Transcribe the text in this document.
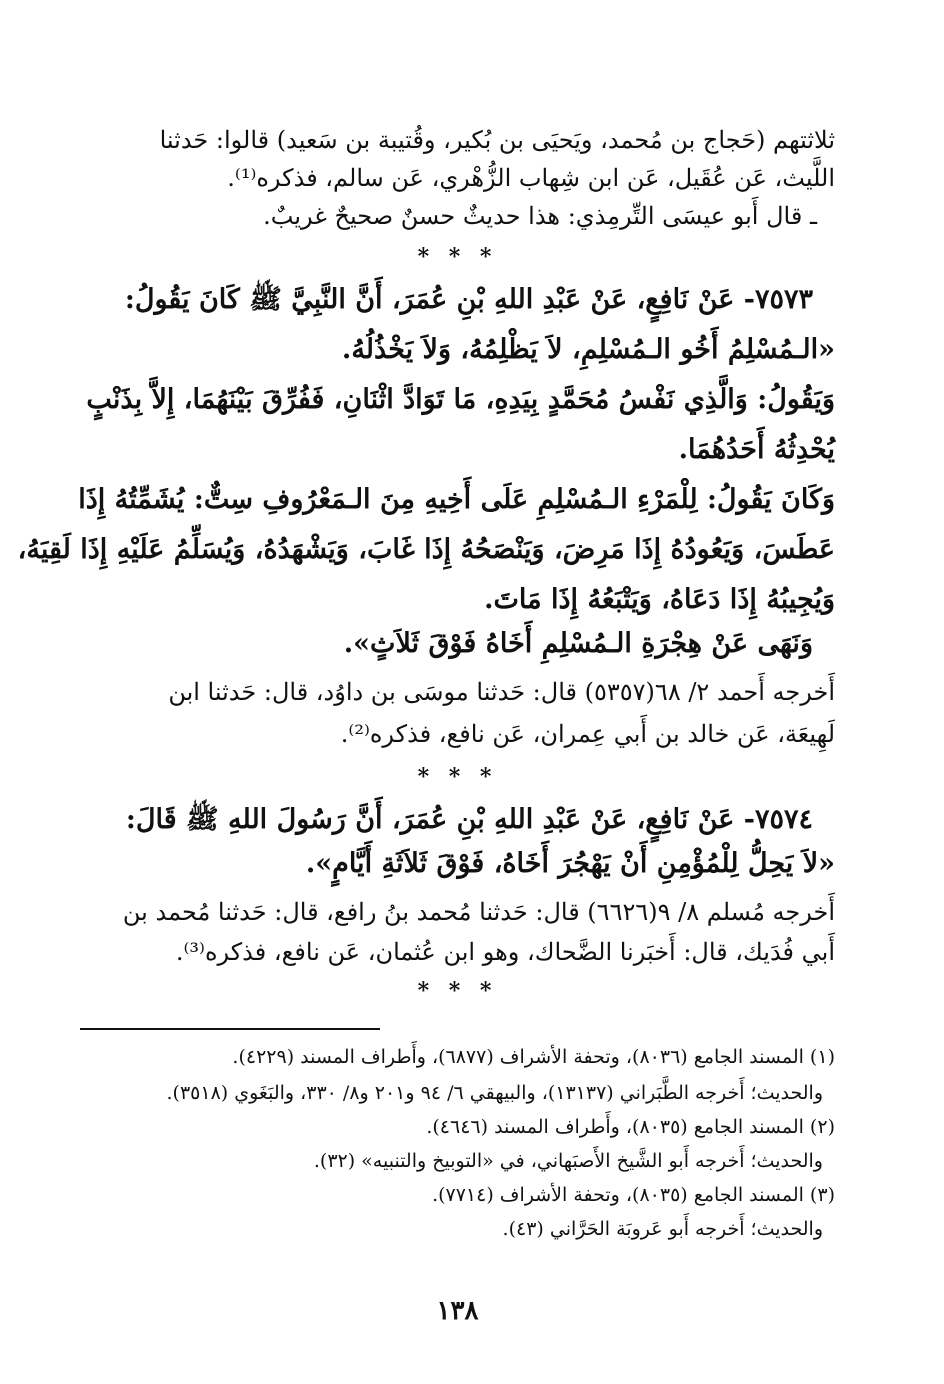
ثلاثتهم (حَجاج بن مُحمد، ويَحيَى بن بُكير، وقُتيبة بن سَعيد) قالوا: حَدثنا
اللَّيث، عَن عُقَيل، عَن ابن شِهاب الزُّهْري، عَن سالم، فذكره⁽¹⁾.
ـ قال أَبو عيسَى التِّرمِذي: هذا حديثٌ حسنٌ صحيحٌ غريبٌ.
* * *
٧٥٧٣- عَنْ نَافِعٍ، عَنْ عَبْدِ اللهِ بْنِ عُمَرَ، أَنَّ النَّبِيَّ ﷺ كَانَ يَقُولُ:
«الـمُسْلِمُ أَخُو الـمُسْلِمِ، لاَ يَظْلِمُهُ، وَلاَ يَخْذُلُهُ.
وَيَقُولُ: وَالَّذِي نَفْسُ مُحَمَّدٍ بِيَدِهِ، مَا تَوَادَّ اثْنَانِ، فَفُرِّقَ بَيْنَهُمَا، إِلاَّ بِذَنْبٍ
يُحْدِثُهُ أَحَدُهُمَا.
وَكَانَ يَقُولُ: لِلْمَرْءِ الـمُسْلِمِ عَلَى أَخِيهِ مِنَ الـمَعْرُوفِ سِتٌّ: يُشَمِّتُهُ إِذَا
عَطَسَ، وَيَعُودُهُ إِذَا مَرِضَ، وَيَنْصَحُهُ إِذَا غَابَ، وَيَشْهَدُهُ، وَيُسَلِّمُ عَلَيْهِ إِذَا لَقِيَهُ،
وَيُجِيبُهُ إِذَا دَعَاهُ، وَيَتْبَعُهُ إِذَا مَاتَ.
وَنَهَى عَنْ هِجْرَةِ الـمُسْلِمِ أَخَاهُ فَوْقَ ثَلاَثٍ».
أَخرجه أَحمد ٢/ ٦٨(٥٣٥٧) قال: حَدثنا موسَى بن داوُد، قال: حَدثنا ابن
لَهِيعَة، عَن خالد بن أَبي عِمران، عَن نافع، فذكره⁽²⁾.
* * *
٧٥٧٤- عَنْ نَافِعٍ، عَنْ عَبْدِ اللهِ بْنِ عُمَرَ، أَنَّ رَسُولَ اللهِ ﷺ قَالَ:
«لاَ يَحِلُّ لِلْمُؤْمِنِ أَنْ يَهْجُرَ أَخَاهُ، فَوْقَ ثَلاَثَةِ أَيَّامٍ».
أَخرجه مُسلم ٨/ ٩(٦٦٢٦) قال: حَدثنا مُحمد بنُ رافع، قال: حَدثنا مُحمد بن
أَبي فُدَيك، قال: أَخبَرنا الضَّحاك، وهو ابن عُثمان، عَن نافع، فذكره⁽³⁾.
* * *
(١) المسند الجامع (٨٠٣٦)، وتحفة الأشراف (٦٨٧٧)، وأَطراف المسند (٤٢٢٩).
والحديث؛ أَخرجه الطَّبَراني (١٣١٣٧)، والبيهقي ٦/ ٩٤ و٢٠١ و٨/ ٣٣٠، والبَغَوي (٣٥١٨).
(٢) المسند الجامع (٨٠٣٥)، وأَطراف المسند (٤٦٤٦).
والحديث؛ أَخرجه أَبو الشَّيخ الأَصبَهاني، في «التوبيخ والتنبيه» (٣٢).
(٣) المسند الجامع (٨٠٣٥)، وتحفة الأشراف (٧٧١٤).
والحديث؛ أَخرجه أَبو عَروبَة الحَرَّاني (٤٣).
١٣٨
